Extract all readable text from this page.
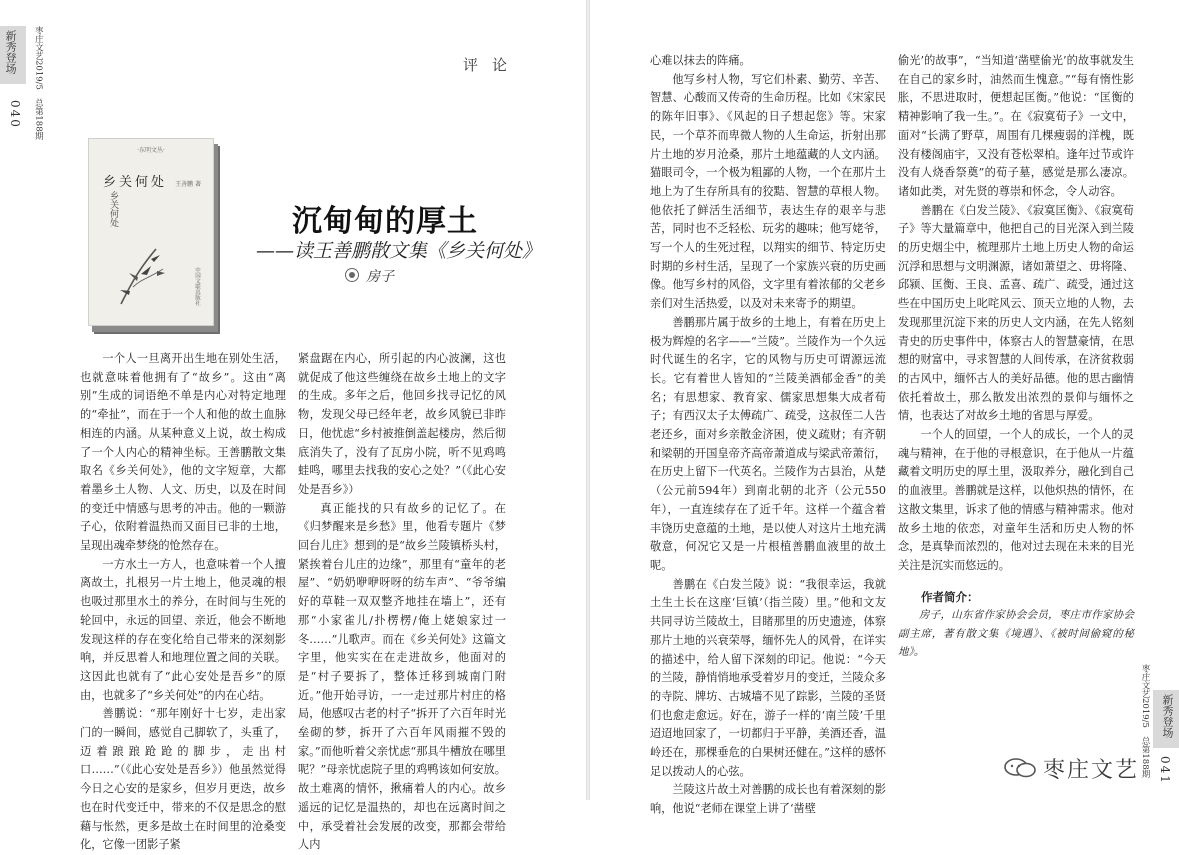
新秀登场
040 枣庄文艺2019/5　总第188期
新秀登场
041
枣庄文艺2019/5　总第188期
评论
·东明文丛·
乡关何处
乡关何处
王善鹏 著
中国文联出版社
沉甸甸的厚土
——读王善鹏散文集《乡关何处》
房子

一个人一旦离开出生地在别处生活，也就意味着他拥有了“故乡”。这由“离别”生成的词语绝不单是内心对特定地理的“牵扯”，而在于一个人和他的故土血脉相连的内涵。从某种意义上说，故土构成了一个人内心的精神坐标。王善鹏散文集取名《乡关何处》，他的文字短章，大都着墨乡土人物、人文、历史，以及在时间的变迁中情感与思考的冲击。他的一颗游子心，依附着温热而又面目已非的土地，呈现出魂牵梦绕的怆然存在。

一方水土一方人，也意味着一个人擅离故土，扎根另一片土地上，他灵魂的根也吸过那里水土的养分，在时间与生死的轮回中，永远的回望、亲近，他会不断地发现这样的存在变化给自己带来的深刻影响，并反思着人和地理位置之间的关联。这因此也就有了“此心安处是吾乡”的原由，也就多了“乡关何处”的内在心结。

善鹏说：“那年刚好十七岁，走出家门的一瞬间，感觉自己脚软了，头重了，迈着踉踉跄跄的脚步，走出村口……”（《此心安处是吾乡》）他虽然觉得今日之心安的是家乡，但岁月更迭，故乡也在时代变迁中，带来的不仅是思念的慰藉与怅然，更多是故土在时间里的沧桑变化，它像一团影子紧

紧盘踞在内心，所引起的内心波澜，这也就促成了他这些缠绕在故乡土地上的文字的生成。多年之后，他回乡找寻记忆的风物，发现父母已经年老，故乡风貌已非昨日，他忧虑“乡村被推倒盖起楼房，然后彻底消失了，没有了瓦房小院，听不见鸡鸣蛙鸣，哪里去找我的安心之处？”（《此心安处是吾乡》）

真正能找的只有故乡的记忆了。在《归梦醒来是乡愁》里，他看专题片《梦回台儿庄》想到的是“故乡兰陵镇桥头村，紧挨着台儿庄的边缘”，那里有“童年的老屋”、“奶奶咿咿呀呀的纺车声”、“爷爷编好的草鞋一双双整齐地挂在墙上”，还有那“小家雀儿/扑楞楞/俺上姥娘家过一冬……”儿歌声。而在《乡关何处》这篇文字里，他实实在在走进故乡，他面对的是“村子要拆了，整体迁移到城南门附近。”他开始寻访，一一走过那片村庄的格局，他感叹古老的村子“拆开了六百年时光垒砌的梦，拆开了六百年风雨摧不毁的家。”而他听着父亲忧虑“那具牛槽放在哪里呢？”母亲忧虑院子里的鸡鸭该如何安放。故土难离的情怀，揪痛着人的内心。故乡遥远的记忆是温热的，却也在远离时间之中，承受着社会发展的改变，那都会带给人内

心难以抹去的阵痛。

他写乡村人物，写它们朴素、勤劳、辛苦、智慧、心酸而又传奇的生命历程。比如《宋家民的陈年旧事》、《风起的日子想起您》等。宋家民，一个草芥而卑微人物的人生命运，折射出那片土地的岁月沧桑，那片土地蕴藏的人文内涵。猫眼司令，一个极为粗鄙的人物，一个在那片土地上为了生存所具有的狡黠、智慧的草根人物。他依托了鲜活生活细节，表达生存的艰辛与悲苦，同时也不乏轻松、玩劣的趣味；他写姥爷，写一个人的生死过程，以翔实的细节、特定历史时期的乡村生活，呈现了一个家族兴衰的历史画像。他写乡村的风俗，文字里有着浓郁的父老乡亲们对生活热爱，以及对未来寄予的期望。

善鹏那片属于故乡的土地上，有着在历史上极为辉煌的名字——“兰陵”。兰陵作为一个久远时代诞生的名字，它的风物与历史可谓源远流长。它有着世人皆知的“兰陵美酒郁金香”的美名；有思想家、教育家、儒家思想集大成者荀子；有西汉太子太傅疏广、疏受，这叔侄二人告老还乡，面对乡亲散金济困，使义疏财；有齐朝和梁朝的开国皇帝齐高帝萧道成与梁武帝萧衍，在历史上留下一代英名。兰陵作为古县治，从楚（公元前594年）到南北朝的北齐（公元550年），一直连续存在了近千年。这样一个蕴含着丰饶历史意蕴的土地，是以使人对这片土地充满敬意，何况它又是一片根植善鹏血液里的故土呢。

善鹏在《白发兰陵》说：“我很幸运，我就土生土长在这座‘巨镇’（指兰陵）里。”他和文友共同寻访兰陵故土，目睹那里的历史遗迹，体察那片土地的兴衰荣辱，缅怀先人的风骨，在详实的描述中，给人留下深刻的印记。他说：“今天的兰陵，静悄悄地承受着岁月的变迁，兰陵众多的寺院、牌坊、古城墙不见了踪影，兰陵的圣贤们也愈走愈远。好在，游子一样的‘南兰陵’千里迢迢地回家了，一切都归于平静，美酒还香，温岭还在，那棵垂危的白果树还健在。”这样的感怀足以拨动人的心弦。

兰陵这片故土对善鹏的成长也有着深刻的影响，他说“老师在课堂上讲了‘凿壁

偷光’的故事”，“当知道‘凿壁偷光’的故事就发生在自己的家乡时，油然而生愧意。”“每有惰性影胀，不思进取时，便想起匡衡。”他说：“匡衡的精神影响了我一生。”。在《寂寞荀子》一文中，面对“长满了野草，周围有几棵瘦弱的洋槐，既没有楼阁庙宇，又没有苍松翠柏。逢年过节或许没有人烧香祭奠”的荀子墓，感觉是那么凄凉。诸如此类，对先贤的尊崇和怀念，令人动容。

善鹏在《白发兰陵》、《寂寞匡衡》、《寂寞荀子》等大量篇章中，他把自己的目光深入到兰陵的历史烟尘中，梳理那片土地上历史人物的命运沉浮和思想与文明渊源，诸如萧望之、毋将隆、邱颍、匡衡、王良、孟喜、疏广、疏受，通过这些在中国历史上叱咤风云、顶天立地的人物，去发现那里沉淀下来的历史人文内涵，在先人铭刻青史的历史事件中，体察古人的智慧豪情，在思想的财富中，寻求智慧的人间传承，在济贫救弱的古风中，缅怀古人的美好品德。他的思古幽情依托着故土，那么散发出浓烈的景仰与缅怀之情，也表达了对故乡土地的省思与厚爱。

一个人的回望，一个人的成长，一个人的灵魂与精神，在于他的寻根意识，在于他从一片蕴藏着文明历史的厚土里，汲取养分，融化到自己的血液里。善鹏就是这样，以他炽热的情怀，在这散文集里，诉求了他的情感与精神需求。他对故乡土地的依恋，对童年生活和历史人物的怀念，是真挚而浓烈的，他对过去现在未来的目光关注是沉实而悠远的。

作者简介：

房子，山东省作家协会会员，枣庄市作家协会副主席，著有散文集《境遇》、《被时间偷窥的秘地》。

枣庄文艺
